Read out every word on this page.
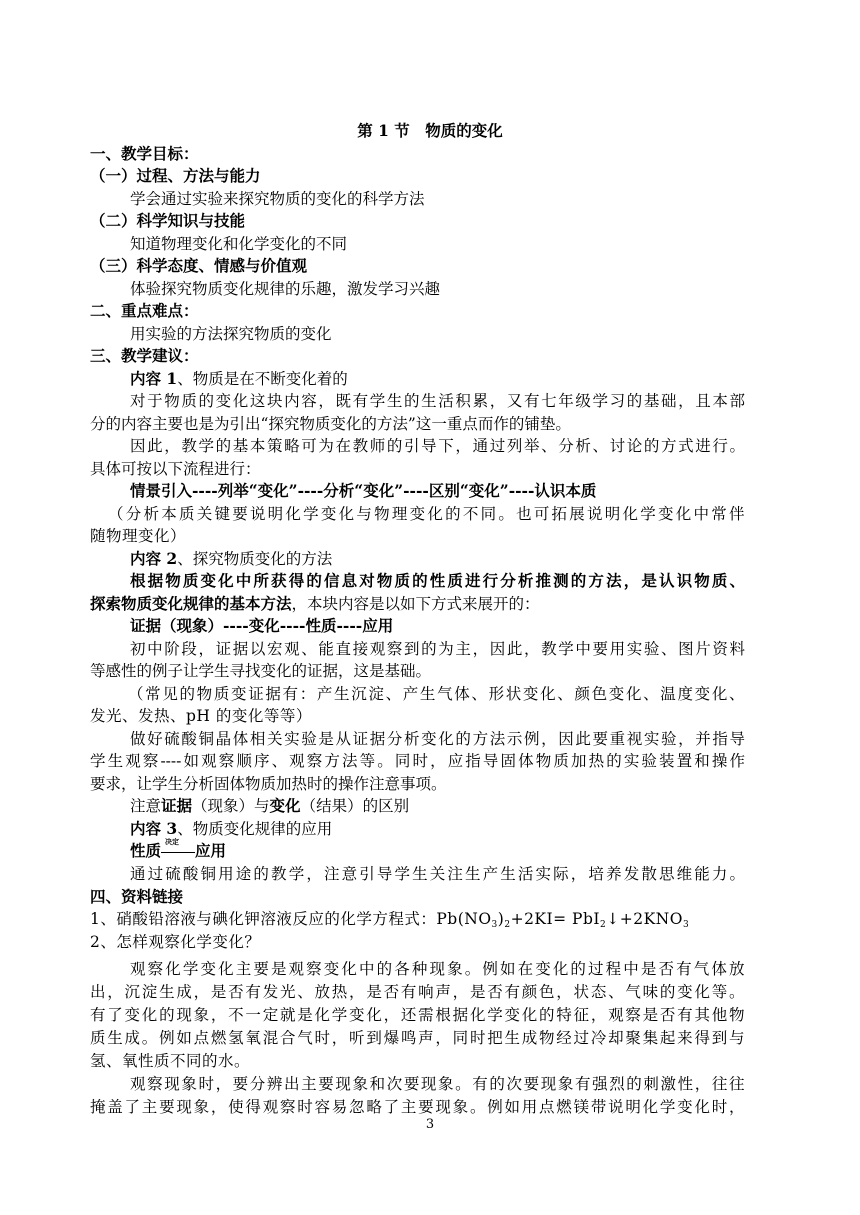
第 1 节　物质的变化
一、教学目标：
（一）过程、方法与能力
学会通过实验来探究物质的变化的科学方法
（二）科学知识与技能
知道物理变化和化学变化的不同
（三）科学态度、情感与价值观
体验探究物质变化规律的乐趣，激发学习兴趣
二、重点难点：
用实验的方法探究物质的变化
三、教学建议：
内容 1、物质是在不断变化着的
对于物质的变化这块内容，既有学生的生活积累，又有七年级学习的基础，且本部
分的内容主要也是为引出“探究物质变化的方法”这一重点而作的铺垫。
因此，教学的基本策略可为在教师的引导下，通过列举、分析、讨论的方式进行。
具体可按以下流程进行：
情景引入----列举“变化”----分析“变化”----区别“变化”----认识本质
（分析本质关键要说明化学变化与物理变化的不同。也可拓展说明化学变化中常伴
随物理变化）
内容 2、探究物质变化的方法
根据物质变化中所获得的信息对物质的性质进行分析推测的方法，是认识物质、
探索物质变化规律的基本方法，本块内容是以如下方式来展开的：
证据（现象）----变化----性质----应用
初中阶段，证据以宏观、能直接观察到的为主，因此，教学中要用实验、图片资料
等感性的例子让学生寻找变化的证据，这是基础。
（常见的物质变证据有：产生沉淀、产生气体、形状变化、颜色变化、温度变化、
发光、发热、pH 的变化等等）
做好硫酸铜晶体相关实验是从证据分析变化的方法示例，因此要重视实验，并指导
学生观察----如观察顺序、观察方法等。同时，应指导固体物质加热的实验装置和操作
要求，让学生分析固体物质加热时的操作注意事项。
注意证据（现象）与变化（结果）的区别
内容 3、物质变化规律的应用
性质 决定 应用
通过硫酸铜用途的教学，注意引导学生关注生产生活实际，培养发散思维能力。
四、资料链接
1、硝酸铅溶液与碘化钾溶液反应的化学方程式：$Pb(NO_3)_2+2KI=$ $PbI_2↓+2KNO_3$
2、怎样观察化学变化？
观察化学变化主要是观察变化中的各种现象。例如在变化的过程中是否有气体放
出，沉淀生成，是否有发光、放热，是否有响声，是否有颜色，状态、气味的变化等。
有了变化的现象，不一定就是化学变化，还需根据化学变化的特征，观察是否有其他物
质生成。例如点燃氢氧混合气时，听到爆鸣声，同时把生成物经过冷却聚集起来得到与
氢、氧性质不同的水。
观察现象时，要分辨出主要现象和次要现象。有的次要现象有强烈的刺激性，往往
掩盖了主要现象，使得观察时容易忽略了主要现象。例如用点燃镁带说明化学变化时，
3
